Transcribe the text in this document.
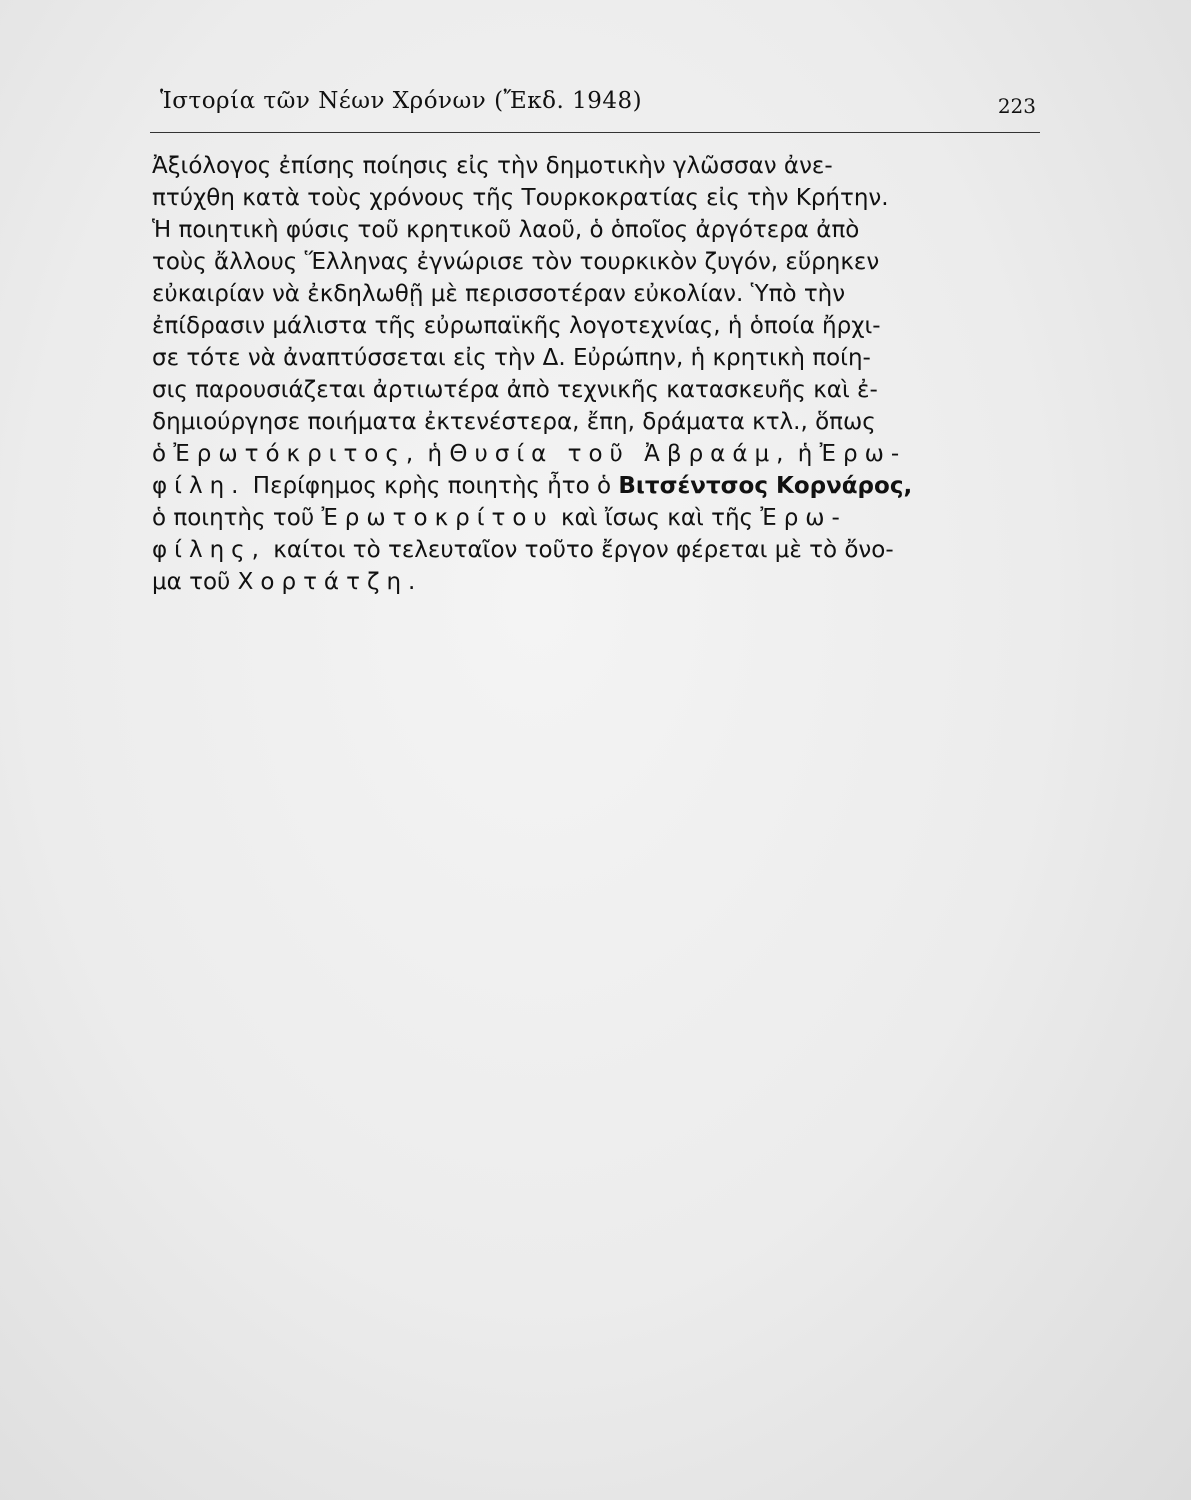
Ἱστορία τῶν Νέων Χρόνων (Ἔκδ. 1948)	223
Ἀξιόλογος ἐπίσης ποίησις εἰς τὴν δημοτικὴν γλῶσσαν ἀνε-
πτύχθη κατὰ τοὺς χρόνους τῆς Τουρκοκρατίας εἰς τὴν Κρήτην.
Ἡ ποιητικὴ φύσις τοῦ κρητικοῦ λαοῦ, ὁ ὁποῖος ἀργότερα ἀπὸ
τοὺς ἄλλους Ἕλληνας ἐγνώρισε τὸν τουρκικὸν ζυγόν, εὕρηκεν
εὐκαιρίαν νὰ ἐκδηλωθῇ μὲ περισσοτέραν εὐκολίαν. Ὑπὸ τὴν
ἐπίδρασιν μάλιστα τῆς εὐρωπαϊκῆς λογοτεχνίας, ἡ ὁποία ἤρχι-
σε τότε νὰ ἀναπτύσσεται εἰς τὴν Δ. Εὐρώπην, ἡ κρητικὴ ποίη-
σις παρουσιάζεται ἀρτιωτέρα ἀπὸ τεχνικῆς κατασκευῆς καὶ ἐ-
δημιούργησε ποιήματα ἐκτενέστερα, ἔπη, δράματα κτλ., ὅπως
ὁ Ἐρωτόκριτος, ἡ Θυσία τοῦ Ἀβραάμ, ἡ Ἐρω-
φίλη. Περίφημος κρὴς ποιητὴς ἦτο ὁ Βιτσέντσος Κορνάρος,
ὁ ποιητὴς τοῦ Ἐρωτοκρίτου καὶ ἴσως καὶ τῆς Ἐρω-
φίλης, καίτοι τὸ τελευταῖον τοῦτο ἔργον φέρεται μὲ τὸ ὄνο-
μα τοῦ Χορτάτζη.
